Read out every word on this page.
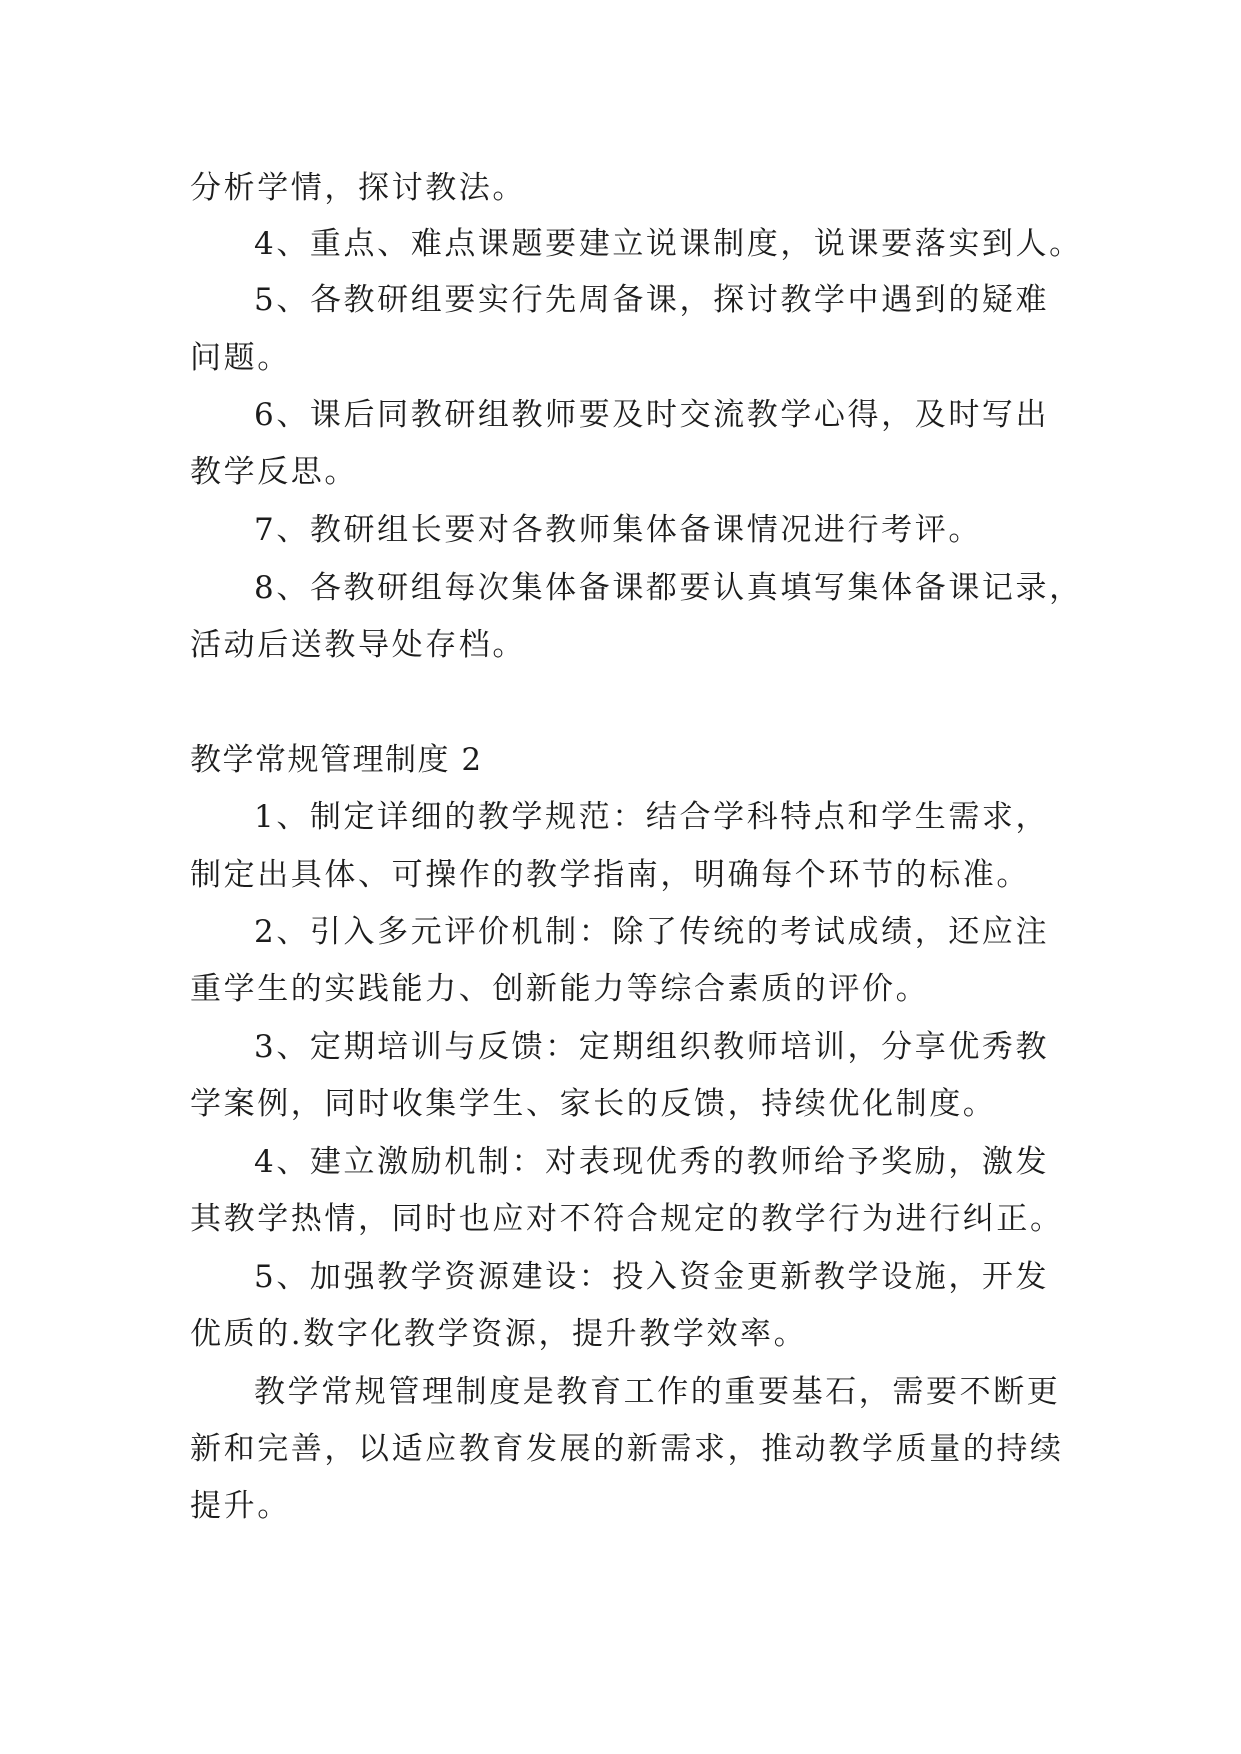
分析学情，探讨教法。

4、重点、难点课题要建立说课制度，说课要落实到人。

5、各教研组要实行先周备课，探讨教学中遇到的疑难

问题。

6、课后同教研组教师要及时交流教学心得，及时写出

教学反思。

7、教研组长要对各教师集体备课情况进行考评。

8、各教研组每次集体备课都要认真填写集体备课记录，

活动后送教导处存档。

教学常规管理制度 2

1、制定详细的教学规范：结合学科特点和学生需求，

制定出具体、可操作的教学指南，明确每个环节的标准。

2、引入多元评价机制：除了传统的考试成绩，还应注

重学生的实践能力、创新能力等综合素质的评价。

3、定期培训与反馈：定期组织教师培训，分享优秀教

学案例，同时收集学生、家长的反馈，持续优化制度。

4、建立激励机制：对表现优秀的教师给予奖励，激发

其教学热情，同时也应对不符合规定的教学行为进行纠正。

5、加强教学资源建设：投入资金更新教学设施，开发

优质的.数字化教学资源，提升教学效率。

教学常规管理制度是教育工作的重要基石，需要不断更

新和完善，以适应教育发展的新需求，推动教学质量的持续

提升。
